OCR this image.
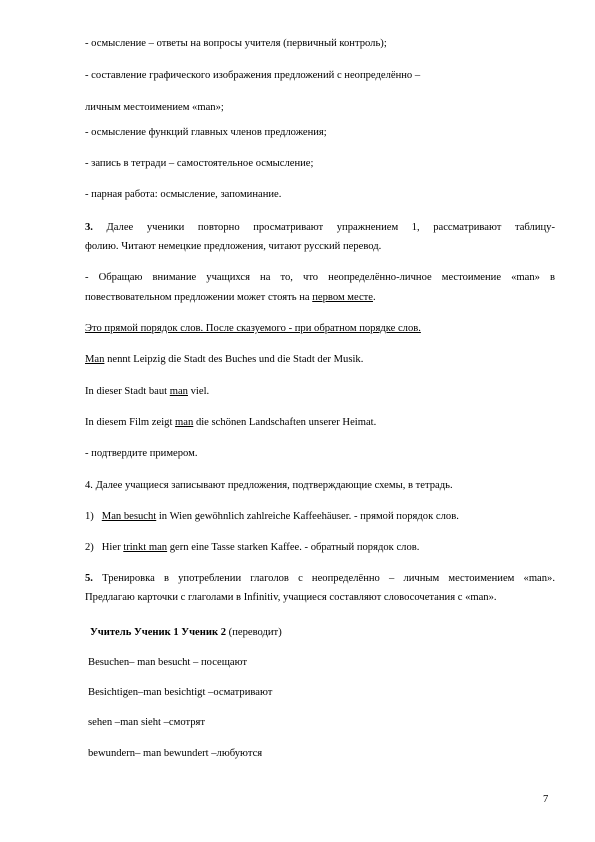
- осмысление – ответы на вопросы учителя (первичный контроль);
- составление графического изображения предложений с неопределённо –
личным местоимением «man»;
- осмысление функций главных членов предложения;
- запись в тетради – самостоятельное осмысление;
- парная работа: осмысление, запоминание.
3. Далее ученики повторно просматривают упражнением 1, рассматривают таблицу-
фолию. Читают немецкие предложения, читают русский перевод.
- Обращаю внимание учащихся на то, что неопределённо-личное местоимение «man» в
повествовательном предложении может стоять на первом месте.
Это прямой порядок слов. После сказуемого - при обратном порядке слов.
Man nennt Leipzig die Stadt des Buches und die Stadt der Musik.
In dieser Stadt baut man viel.
In diesem Film zeigt man die schönen Landschaften unserer Heimat.
- подтвердите примером.
4. Далее учащиеся записывают предложения, подтверждающие схемы, в тетрадь.
1) Man besucht in Wien gewöhnlich zahlreiche Kaffeehäuser. - прямой порядок слов.
2) Hier trinkt man gern eine Tasse starken Kaffee. - обратный порядок слов.
5. Тренировка в употреблении глаголов с неопределённо – личным местоимением «man».
Предлагаю карточки с глаголами в Infinitiv, учащиеся составляют словосочетания с «man».
Учитель Ученик 1 Ученик 2 (переводит)
Besuchen– man besucht – посещают
Besichtigen–man besichtigt –осматривают
sehen –man sieht –смотрят
bewundern– man bewundert –любуются
7
